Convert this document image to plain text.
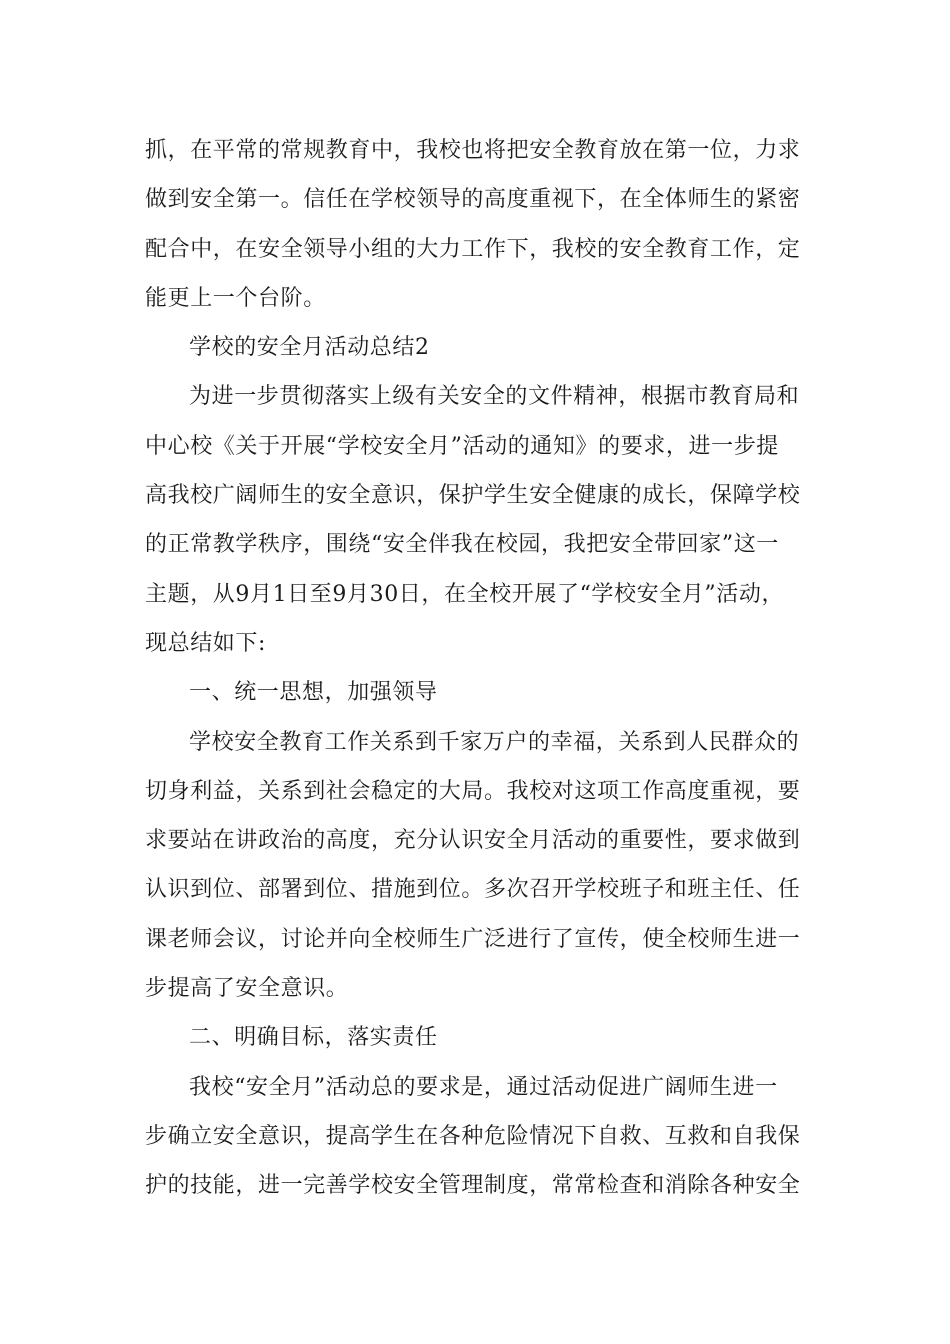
抓，在平常的常规教育中，我校也将把安全教育放在第一位，力求
做到安全第一。信任在学校领导的高度重视下，在全体师生的紧密
配合中，在安全领导小组的大力工作下，我校的安全教育工作，定
能更上一个台阶。
学校的安全月活动总结2
为进一步贯彻落实上级有关安全的文件精神，根据市教育局和
中心校《关于开展“学校安全月”活动的通知》的要求，进一步提
高我校广阔师生的安全意识，保护学生安全健康的成长，保障学校
的正常教学秩序，围绕“安全伴我在校园，我把安全带回家”这一
主题，从9月1日至9月30日，在全校开展了“学校安全月”活动，
现总结如下:
一、统一思想，加强领导
学校安全教育工作关系到千家万户的幸福，关系到人民群众的
切身利益，关系到社会稳定的大局。我校对这项工作高度重视，要
求要站在讲政治的高度，充分认识安全月活动的重要性，要求做到
认识到位、部署到位、措施到位。多次召开学校班子和班主任、任
课老师会议，讨论并向全校师生广泛进行了宣传，使全校师生进一
步提高了安全意识。
二、明确目标，落实责任
我校“安全月”活动总的要求是，通过活动促进广阔师生进一
步确立安全意识，提高学生在各种危险情况下自救、互救和自我保
护的技能，进一完善学校安全管理制度，常常检查和消除各种安全
